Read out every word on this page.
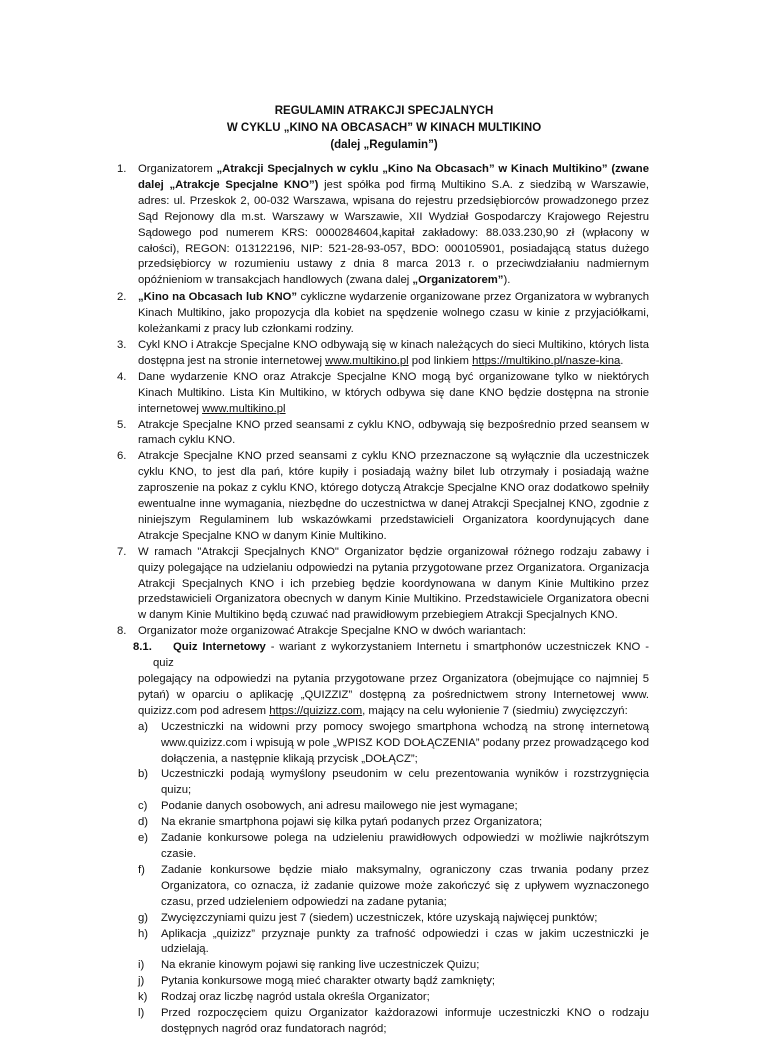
REGULAMIN ATRAKCJI SPECJALNYCH
W CYKLU „KINO NA OBCASACH” W KINACH MULTIKINO
(dalej „Regulamin”)
1. Organizatorem „Atrakcji Specjalnych w cyklu „Kino Na Obcasach” w Kinach Multikino” (zwane dalej „Atrakcje Specjalne KNO”) jest spółka pod firmą Multikino S.A. z siedzibą w Warszawie, adres: ul. Przeskok 2, 00-032 Warszawa, wpisana do rejestru przedsiębiorców prowadzonego przez Sąd Rejonowy dla m.st. Warszawy w Warszawie, XII Wydział Gospodarczy Krajowego Rejestru Sądowego pod numerem KRS: 0000284604,kapitał zakładowy: 88.033.230,90 zł (wpłacony w całości), REGON: 013122196, NIP: 521-28-93-057, BDO: 000105901, posiadającą status dużego przedsiębiorcy w rozumieniu ustawy z dnia 8 marca 2013 r. o przeciwdziałaniu nadmiernym opóźnieniom w transakcjach handlowych (zwana dalej „Organizatorem”).
2. „Kino na Obcasach lub KNO” cykliczne wydarzenie organizowane przez Organizatora w wybranych Kinach Multikino, jako propozycja dla kobiet na spędzenie wolnego czasu w kinie z przyjaciółkami, koleżankami z pracy lub członkami rodziny.
3. Cykl KNO i Atrakcje Specjalne KNO odbywają się w kinach należących do sieci Multikino, których lista dostępna jest na stronie internetowej www.multikino.pl pod linkiem https://multikino.pl/nasze-kina.
4. Dane wydarzenie KNO oraz Atrakcje Specjalne KNO mogą być organizowane tylko w niektórych Kinach Multikino. Lista Kin Multikino, w których odbywa się dane KNO będzie dostępna na stronie internetowej www.multikino.pl
5. Atrakcje Specjalne KNO przed seansami z cyklu KNO, odbywają się bezpośrednio przed seansem w ramach cyklu KNO.
6. Atrakcje Specjalne KNO przed seansami z cyklu KNO przeznaczone są wyłącznie dla uczestniczek cyklu KNO, to jest dla pań, które kupiły i posiadają ważny bilet lub otrzymały i posiadają ważne zaproszenie na pokaz z cyklu KNO, którego dotyczą Atrakcje Specjalne KNO oraz dodatkowo spełniły ewentualne inne wymagania, niezbędne do uczestnictwa w danej Atrakcji Specjalnej KNO, zgodnie z niniejszym Regulaminem lub wskazówkami przedstawicieli Organizatora koordynujących dane Atrakcje Specjalne KNO w danym Kinie Multikino.
7. W ramach "Atrakcji Specjalnych KNO" Organizator będzie organizował różnego rodzaju zabawy i quizy polegające na udzielaniu odpowiedzi na pytania przygotowane przez Organizatora. Organizacja Atrakcji Specjalnych KNO i ich przebieg będzie koordynowana w danym Kinie Multikino przez przedstawicieli Organizatora obecnych w danym Kinie Multikino. Przedstawiciele Organizatora obecni w danym Kinie Multikino będą czuwać nad prawidłowym przebiegiem Atrakcji Specjalnych KNO.
8. Organizator może organizować Atrakcje Specjalne KNO w dwóch wariantach:
8.1. Quiz Internetowy - wariant z wykorzystaniem Internetu i smartphonów uczestniczek KNO - quiz
polegający na odpowiedzi na pytania przygotowane przez Organizatora (obejmujące co najmniej 5 pytań) w oparciu o aplikację „QUIZZIZ” dostępną za pośrednictwem strony Internetowej www. quizizz.com pod adresem https://quizizz.com, mający na celu wyłonienie 7 (siedmiu) zwycięzczyń:
a) Uczestniczki na widowni przy pomocy swojego smartphona wchodzą na stronę internetową www.quizizz.com i wpisują w pole „WPISZ KOD DOŁĄCZENIA” podany przez prowadzącego kod dołączenia, a następnie klikają przycisk „DOŁĄCZ”;
b) Uczestniczki podają wymyślony pseudonim w celu prezentowania wyników i rozstrzygnięcia quizu;
c) Podanie danych osobowych, ani adresu mailowego nie jest wymagane;
d) Na ekranie smartphona pojawi się kilka pytań podanych przez Organizatora;
e) Zadanie konkursowe polega na udzieleniu prawidłowych odpowiedzi w możliwie najkrótszym czasie.
f) Zadanie konkursowe będzie miało maksymalny, ograniczony czas trwania podany przez Organizatora, co oznacza, iż zadanie quizowe może zakończyć się z upływem wyznaczonego czasu, przed udzieleniem odpowiedzi na zadane pytania;
g) Zwycięzczyniami quizu jest 7 (siedem) uczestniczek, które uzyskają najwięcej punktów;
h) Aplikacja „quizizz” przyznaje punkty za trafność odpowiedzi i czas w jakim uczestniczki je udzielają.
i) Na ekranie kinowym pojawi się ranking live uczestniczek Quizu;
j) Pytania konkursowe mogą mieć charakter otwarty bądź zamknięty;
k) Rodzaj oraz liczbę nagród ustala określa Organizator;
l) Przed rozpoczęciem quizu Organizator każdorazowi informuje uczestniczki KNO o rodzaju dostępnych nagród oraz fundatorach nagród;
